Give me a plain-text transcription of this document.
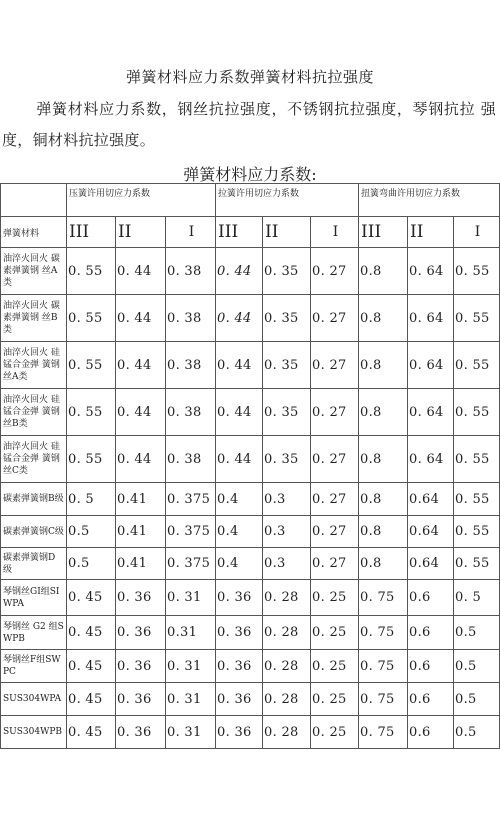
弹簧材料应力系数弹簧材料抗拉强度
弹簧材料应力系数，钢丝抗拉强度，不锈钢抗拉强度，琴钢抗拉 强度，铜材料抗拉强度。
弹簧材料应力系数:
	压簧许用切应力系数			拉簧许用切应力系数			扭簧弯曲许用切应力系数		
弹簧材料	III	II	I	III	II	I	III	II	I
油淬火回火 碳素弹簧钢 丝A类	0. 55	0. 44	0. 38	0. 44	0. 35	0. 27	0.8	0. 64	0. 55
油淬火回火 碳素弹簧钢 丝B类	0. 55	0. 44	0. 38	0. 44	0. 35	0. 27	0.8	0. 64	0. 55
油淬火回火 硅锰合金弹 簧钢丝A类	0. 55	0. 44	0. 38	0. 44	0. 35	0. 27	0.8	0. 64	0. 55
油淬火回火 硅锰合金弹 簧钢丝B类	0. 55	0. 44	0. 38	0. 44	0. 35	0. 27	0.8	0. 64	0. 55
油淬火回火 硅锰合金弹 簧钢丝C类	0. 55	0. 44	0. 38	0. 44	0. 35	0. 27	0.8	0. 64	0. 55
碳素弹簧钢B级	0. 5	0.41	0. 375	0.4	0.3	0. 27	0.8	0.64	0. 55
碳素弹簧钢C级	0.5	0.41	0. 375	0.4	0.3	0. 27	0.8	0.64	0. 55
碳素弹簧钢D级	0.5	0.41	0. 375	0.4	0.3	0. 27	0.8	0.64	0. 55
琴钢丝GI组SIWPA	0. 45	0. 36	0. 31	0. 36	0. 28	0. 25	0. 75	0.6	0. 5
琴钢丝 G2 组SWPB	0. 45	0. 36	0.31	0. 36	0. 28	0. 25	0. 75	0.6	0.5
琴钢丝F组SWPC	0. 45	0. 36	0. 31	0. 36	0. 28	0. 25	0. 75	0.6	0.5
SUS304WPA	0. 45	0. 36	0. 31	0. 36	0. 28	0. 25	0. 75	0.6	0.5
SUS304WPB	0. 45	0. 36	0. 31	0. 36	0. 28	0. 25	0. 75	0.6	0.5
